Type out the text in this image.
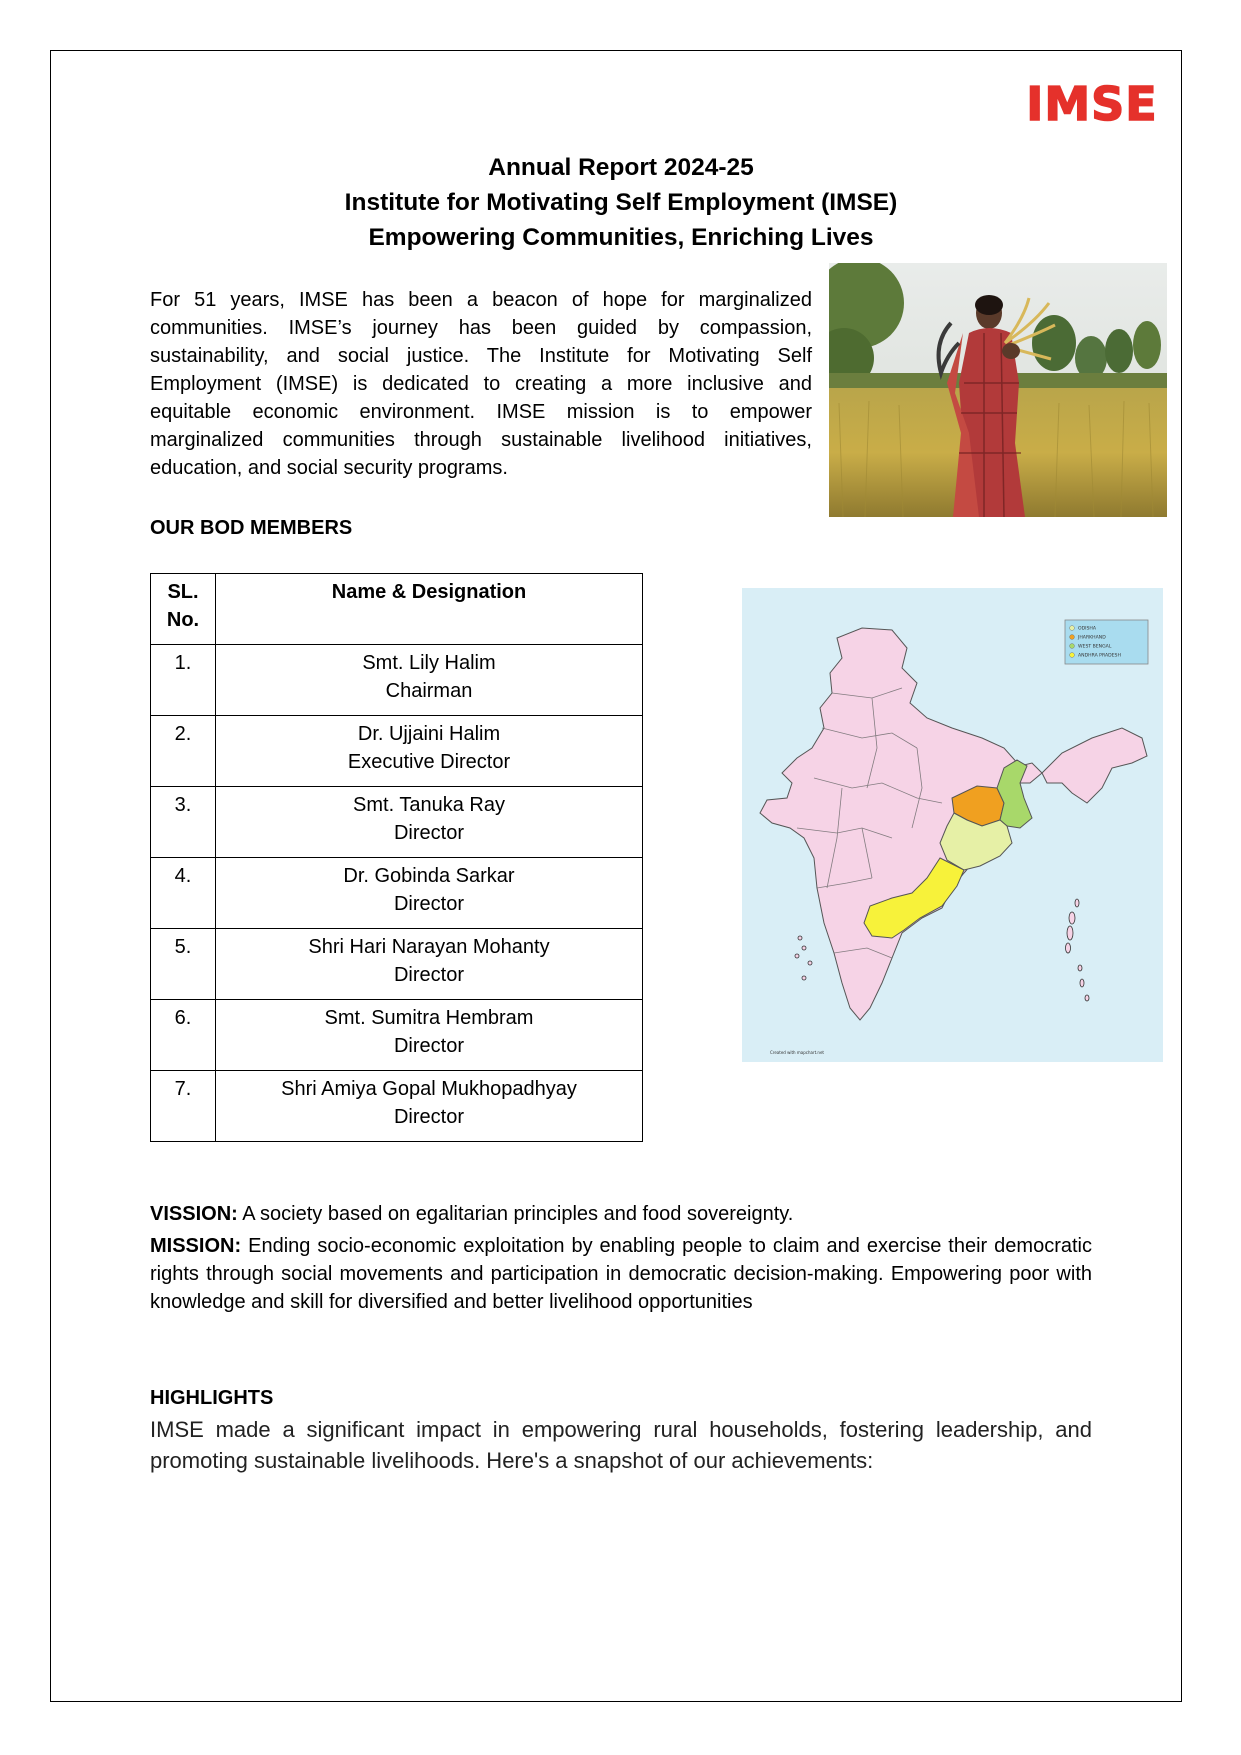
IMSE
Annual Report 2024-25
Institute for Motivating Self Employment (IMSE)
Empowering Communities, Enriching Lives

For 51 years, IMSE has been a beacon of hope for marginalized communities. IMSE’s journey has been guided by compassion, sustainability, and social justice. The Institute for Motivating Self Employment (IMSE) is dedicated to creating a more inclusive and equitable economic environment. IMSE mission is to empower marginalized communities through sustainable livelihood initiatives, education, and social security programs.

OUR BOD MEMBERS
SL. No.	Name & Designation
1.	Smt. Lily Halim
Chairman

2.	Dr. Ujjaini Halim
Executive Director

3.	Smt. Tanuka Ray
Director

4.	Dr. Gobinda Sarkar
Director

5.	Shri Hari Narayan Mohanty
Director

6.	Smt. Sumitra Hembram
Director

7.	Shri Amiya Gopal Mukhopadhyay
Director
ODISHA
JHARKHAND
WEST BENGAL
ANDHRA PRADESH
Created with mapchart.net

VISSION: A society based on egalitarian principles and food sovereignty.

MISSION: Ending socio-economic exploitation by enabling people to claim and exercise their democratic rights through social movements and participation in democratic decision-making. Empowering poor with knowledge and skill for diversified and better livelihood opportunities

HIGHLIGHTS

IMSE made a significant impact in empowering rural households, fostering leadership, and promoting sustainable livelihoods. Here's a snapshot of our achievements:
